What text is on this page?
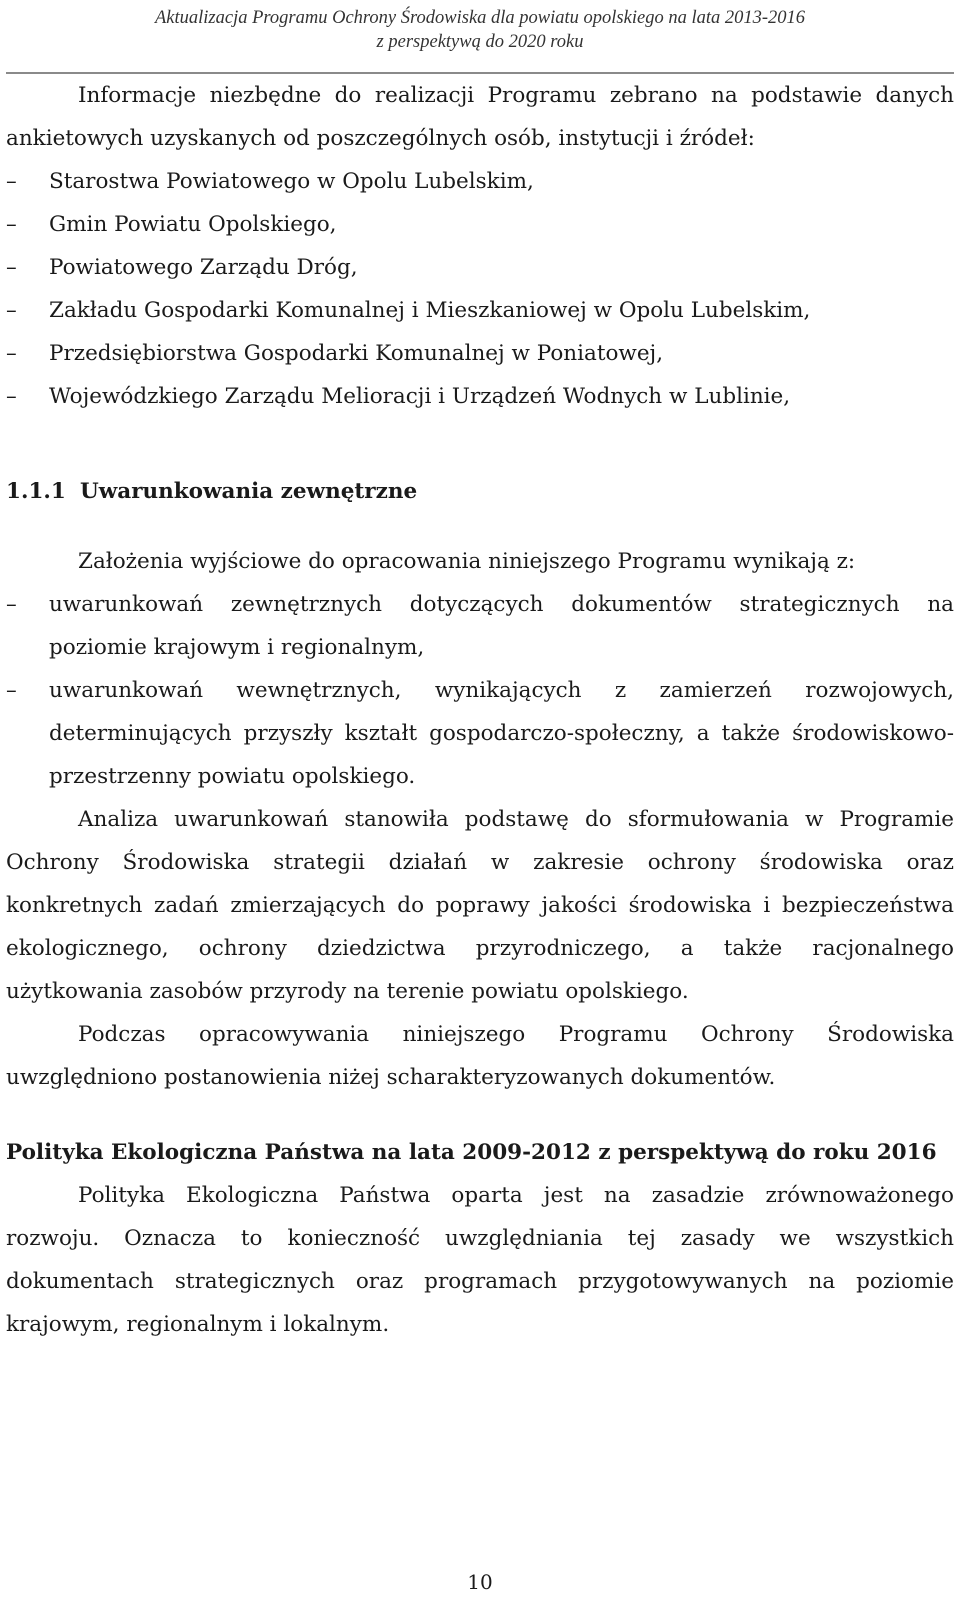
Aktualizacja Programu Ochrony Środowiska dla powiatu opolskiego na lata 2013-2016
z perspektywą do 2020 roku

Informacje niezbędne do realizacji Programu zebrano na podstawie danych ankietowych uzyskanych od poszczególnych osób, instytucji i źródeł:

–	Starostwa Powiatowego w Opolu Lubelskim,
–	Gmin Powiatu Opolskiego,
–	Powiatowego Zarządu Dróg,
–	Zakładu Gospodarki Komunalnej i Mieszkaniowej w Opolu Lubelskim,
–	Przedsiębiorstwa Gospodarki Komunalnej w Poniatowej,
–	Wojewódzkiego Zarządu Melioracji i Urządzeń Wodnych w Lublinie,
1.1.1 Uwarunkowania zewnętrzne

Założenia wyjściowe do opracowania niniejszego Programu wynikają z:

–	uwarunkowań zewnętrznych dotyczących dokumentów strategicznych na poziomie krajowym i regionalnym,
–	uwarunkowań wewnętrznych, wynikających z zamierzeń rozwojowych, determinujących przyszły kształt gospodarczo-społeczny, a także środowiskowo-przestrzenny powiatu opolskiego.

Analiza uwarunkowań stanowiła podstawę do sformułowania w Programie Ochrony Środowiska strategii działań w zakresie ochrony środowiska oraz konkretnych zadań zmierzających do poprawy jakości środowiska i bezpieczeństwa ekologicznego, ochrony dziedzictwa przyrodniczego, a także racjonalnego użytkowania zasobów przyrody na terenie powiatu opolskiego.

Podczas opracowywania niniejszego Programu Ochrony Środowiska uwzględniono postanowienia niżej scharakteryzowanych dokumentów.

Polityka Ekologiczna Państwa na lata 2009-2012 z perspektywą do roku 2016

Polityka Ekologiczna Państwa oparta jest na zasadzie zrównoważonego rozwoju. Oznacza to konieczność uwzględniania tej zasady we wszystkich dokumentach strategicznych oraz programach przygotowywanych na poziomie krajowym, regionalnym i lokalnym.

10
